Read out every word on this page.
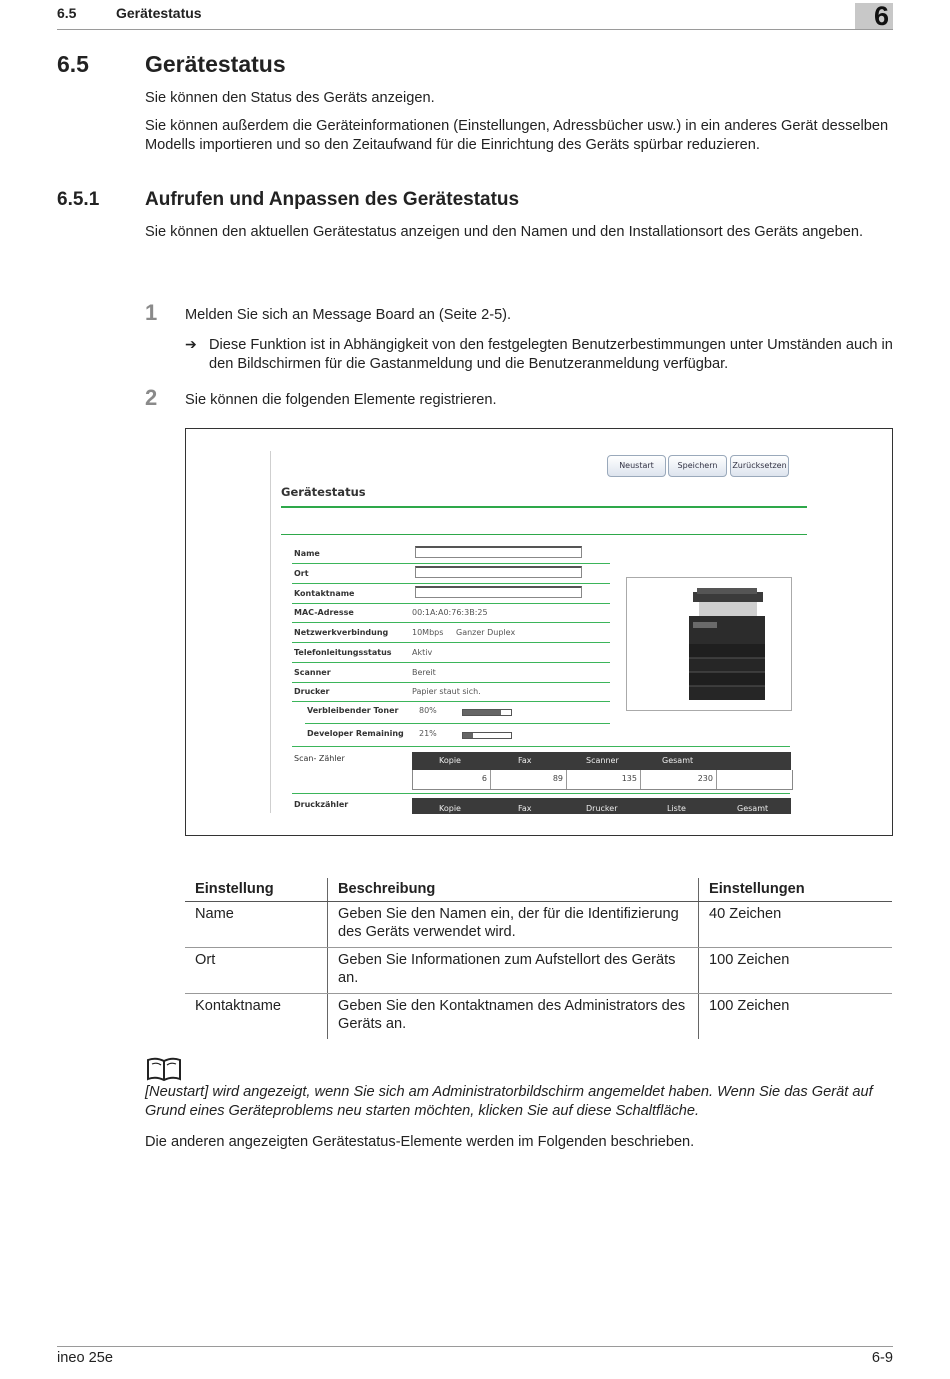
6.5	Gerätestatus	6
6.5 Gerätestatus
Sie können den Status des Geräts anzeigen.
Sie können außerdem die Geräteinformationen (Einstellungen, Adressbücher usw.) in ein anderes Gerät desselben Modells importieren und so den Zeitaufwand für die Einrichtung des Geräts spürbar reduzieren.
6.5.1 Aufrufen und Anpassen des Gerätestatus
Sie können den aktuellen Gerätestatus anzeigen und den Namen und den Installationsort des Geräts angeben.
1 Melden Sie sich an Message Board an (Seite 2-5).
➔ Diese Funktion ist in Abhängigkeit von den festgelegten Benutzerbestimmungen unter Umständen auch in den Bildschirmen für die Gastanmeldung und die Benutzeranmeldung verfügbar.
2 Sie können die folgenden Elemente registrieren.
Neustart	Speichern	Zurücksetzen
Gerätestatus
Name
Ort
Kontaktname
MAC-Adresse	00:1A:A0:76:3B:25
Netzwerkverbindung	10Mbps Ganzer Duplex
Telefonleitungsstatus	Aktiv
Scanner	Bereit
Drucker	Papier staut sich.
Verbleibender Toner	80%
Developer Remaining 21%
Scan- Zähler	Kopie	Fax	Scanner	Gesamt
6	89	135	230
Druckzähler	Kopie	Fax	Drucker	Liste	Gesamt
Einstellung	Beschreibung	Einstellungen
Name	Geben Sie den Namen ein, der für die Identifizierung des Geräts verwendet wird.	40 Zeichen
Ort	Geben Sie Informationen zum Aufstellort des Geräts an.	100 Zeichen
Kontaktname	Geben Sie den Kontaktnamen des Administrators des Geräts an.	100 Zeichen
[Neustart] wird angezeigt, wenn Sie sich am Administratorbildschirm angemeldet haben. Wenn Sie das Gerät auf Grund eines Geräteproblems neu starten möchten, klicken Sie auf diese Schaltfläche.
Die anderen angezeigten Gerätestatus-Elemente werden im Folgenden beschrieben.
ineo 25e	6-9
